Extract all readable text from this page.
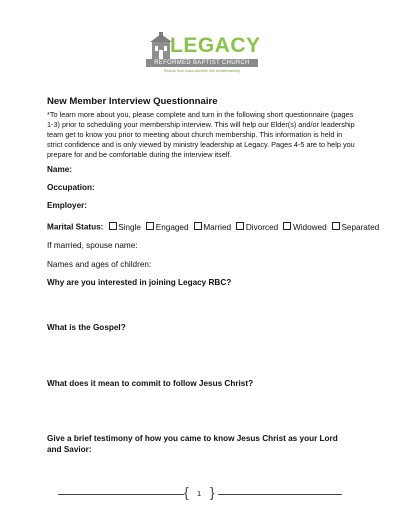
LEGACY
REFORMED BAPTIST CHURCH
Rescue from mass doctrine, live wholeheartedly
New Member Interview Questionnaire
*To learn more about you, please complete and turn in the following short questionnaire (pages 1-3) prior to scheduling your membership interview. This will help our Elder(s) and/or leadership team get to know you prior to meeting about church membership. This information is held in strict confidence and is only viewed by ministry leadership at Legacy. Pages 4-5 are to help you prepare for and be comfortable during the interview itself.
Name:
Occupation:
Employer:
Marital Status: Single Engaged Married Divorced Widowed Separated
If married, spouse name:
Names and ages of children:
Why are you interested in joining Legacy RBC?
What is the Gospel?
What does it mean to commit to follow Jesus Christ?
Give a brief testimony of how you came to know Jesus Christ as your Lord and Savior:
{ 1 }
